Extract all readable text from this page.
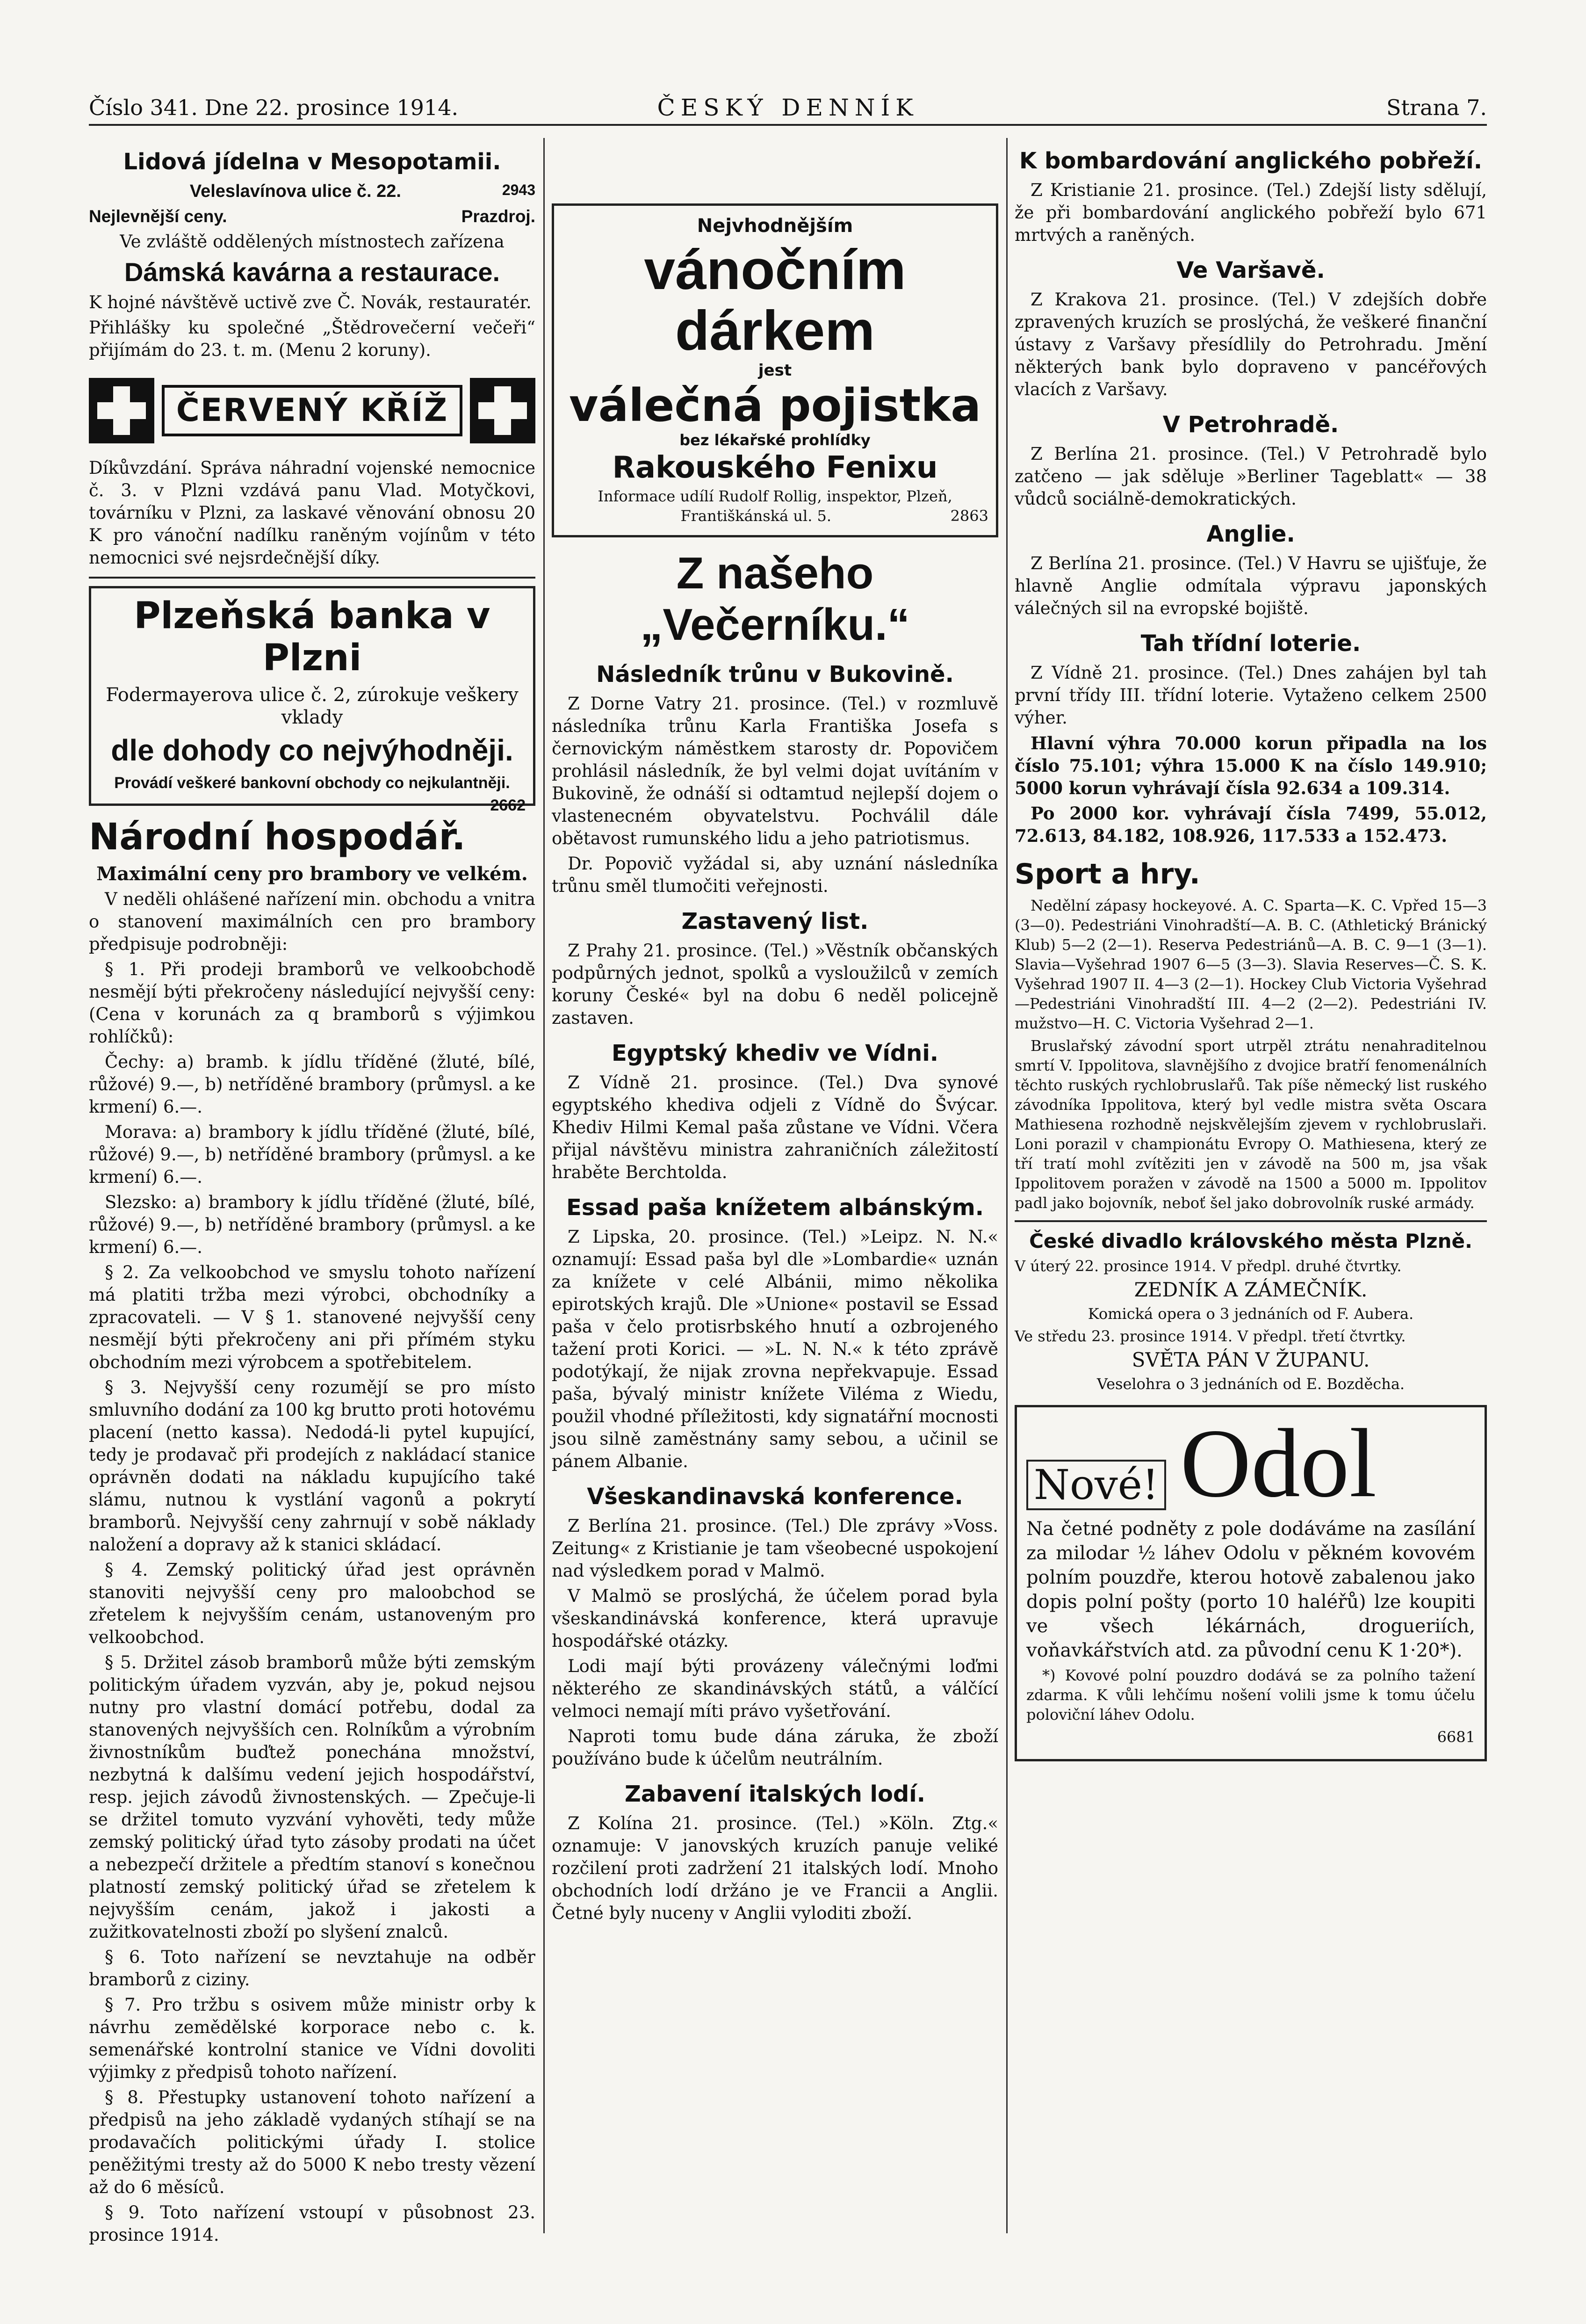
Číslo 341. Dne 22. prosince 1914.	ČESKÝ DENNÍK	Strana 7.
Lidová jídelna v Mesopotamii.
Veleslavínova ulice č. 22.	2943
Nejlevnější ceny.	Prazdroj.
Ve zvláště oddělených místnostech zařízena
Dámská kavárna a restaurace.
K hojné návštěvě uctivě zve Č. Novák, restauratér.
Přihlášky ku společné „Štědrovečerní večeři“ přijímám do 23. t. m. (Menu 2 koruny).
ČERVENÝ KŘÍŽ
Díkůvzdání. Správa náhradní vojenské nemocnice č. 3. v Plzni vzdává panu Vlad. Motyčkovi, továrníku v Plzni, za laskavé věnování obnosu 20 K pro vánoční nadílku raněným vojínům v této nemocnici své nejsrdečnější díky.
Plzeňská banka v Plzni
Fodermayerova ulice č. 2, zúrokuje veškery vklady
dle dohody co nejvýhodněji.
Provádí veškeré bankovní obchody co nejkulantněji.
2662
Národní hospodář.
Maximální ceny pro brambory ve velkém.
V neděli ohlášené nařízení min. obchodu a vnitra o stanovení maximálních cen pro brambory předpisuje podrobněji:
§ 1. Při prodeji bramborů ve velkoobchodě nesmějí býti překročeny následující nejvyšší ceny: (Cena v korunách za q bramborů s výjimkou rohlíčků):
Čechy: a) bramb. k jídlu tříděné (žluté, bílé, růžové) 9.—, b) netříděné brambory (průmysl. a ke krmení) 6.—.
Morava: a) brambory k jídlu tříděné (žluté, bílé, růžové) 9.—, b) netříděné brambory (průmysl. a ke krmení) 6.—.
Slezsko: a) brambory k jídlu tříděné (žluté, bílé, růžové) 9.—, b) netříděné brambory (průmysl. a ke krmení) 6.—.
§ 2. Za velkoobchod ve smyslu tohoto nařízení má platiti tržba mezi výrobci, obchodníky a zpracovateli. — V § 1. stanovené nejvyšší ceny nesmějí býti překročeny ani při přímém styku obchodním mezi výrobcem a spotřebitelem.
§ 3. Nejvyšší ceny rozumějí se pro místo smluvního dodání za 100 kg brutto proti hotovému placení (netto kassa). Nedodá-li pytel kupující, tedy je prodavač při prodejích z nakládací stanice oprávněn dodati na nákladu kupujícího také slámu, nutnou k vystlání vagonů a pokrytí bramborů. Nejvyšší ceny zahrnují v sobě náklady naložení a dopravy až k stanici skládací.
§ 4. Zemský politický úřad jest oprávněn stanoviti nejvyšší ceny pro maloobchod se zřetelem k nejvyšším cenám, ustanoveným pro velkoobchod.
§ 5. Držitel zásob bramborů může býti zemským politickým úřadem vyzván, aby je, pokud nejsou nutny pro vlastní domácí potřebu, dodal za stanovených nejvyšších cen. Rolníkům a výrobním živnostníkům buďtež ponechána množství, nezbytná k dalšímu vedení jejich hospodářství, resp. jejich závodů živnostenských. — Zpečuje-li se držitel tomuto vyzvání vyhověti, tedy může zemský politický úřad tyto zásoby prodati na účet a nebezpečí držitele a předtím stanoví s konečnou platností zemský politický úřad se zřetelem k nejvyšším cenám, jakož i jakosti a zužitkovatelnosti zboží po slyšení znalců.
§ 6. Toto nařízení se nevztahuje na odběr bramborů z ciziny.
§ 7. Pro tržbu s osivem může ministr orby k návrhu zemědělské korporace nebo c. k. semenářské kontrolní stanice ve Vídni dovoliti výjimky z předpisů tohoto nařízení.
§ 8. Přestupky ustanovení tohoto nařízení a předpisů na jeho základě vydaných stíhají se na prodavačích politickými úřady I. stolice peněžitými tresty až do 5000 K nebo tresty vězení až do 6 měsíců.
§ 9. Toto nařízení vstoupí v působnost 23. prosince 1914.
Nejvhodnějším
vánočním dárkem
jest
válečná pojistka
bez lékařské prohlídky
Rakouského Fenixu
Informace udílí Rudolf Rollig, inspektor, Plzeň, Františkánská ul. 5.	2863
Z našeho „Večerníku.“
Následník trůnu v Bukovině.
Z Dorne Vatry 21. prosince. (Tel.) v rozmluvě následníka trůnu Karla Františka Josefa s černovickým náměstkem starosty dr. Popovičem prohlásil následník, že byl velmi dojat uvítáním v Bukovině, že odnáší si odtamtud nejlepší dojem o vlastenecném obyvatelstvu. Pochválil dále obětavost rumunského lidu a jeho patriotismus.
Dr. Popovič vyžádal si, aby uznání následníka trůnu směl tlumočiti veřejnosti.
Zastavený list.
Z Prahy 21. prosince. (Tel.) »Věstník občanských podpůrných jednot, spolků a vysloužilců v zemích koruny České« byl na dobu 6 neděl policejně zastaven.
Egyptský khediv ve Vídni.
Z Vídně 21. prosince. (Tel.) Dva synové egyptského khediva odjeli z Vídně do Švýcar. Khediv Hilmi Kemal paša zůstane ve Vídni. Včera přijal návštěvu ministra zahraničních záležitostí hraběte Berchtolda.
Essad paša knížetem albánským.
Z Lipska, 20. prosince. (Tel.) »Leipz. N. N.« oznamují: Essad paša byl dle »Lombardie« uznán za knížete v celé Albánii, mimo několika epirotských krajů. Dle »Unione« postavil se Essad paša v čelo protisrbského hnutí a ozbrojeného tažení proti Korici. — »L. N. N.« k této zprávě podotýkají, že nijak zrovna nepřekvapuje. Essad paša, bývalý ministr knížete Viléma z Wiedu, použil vhodné příležitosti, kdy signatářní mocnosti jsou silně zaměstnány samy sebou, a učinil se pánem Albanie.
Všeskandinavská konference.
Z Berlína 21. prosince. (Tel.) Dle zprávy »Voss. Zeitung« z Kristianie je tam všeobecné uspokojení nad výsledkem porad v Malmö.
V Malmö se proslýchá, že účelem porad byla všeskandinávská konference, která upravuje hospodářské otázky.
Lodi mají býti provázeny válečnými loďmi některého ze skandinávských států, a válčící velmoci nemají míti právo vyšetřování.
Naproti tomu bude dána záruka, že zboží používáno bude k účelům neutrálním.
Zabavení italských lodí.
Z Kolína 21. prosince. (Tel.) »Köln. Ztg.« oznamuje: V janovských kruzích panuje veliké rozčilení proti zadržení 21 italských lodí. Mnoho obchodních lodí držáno je ve Francii a Anglii. Četné byly nuceny v Anglii vyloditi zboží.
K bombardování anglického pobřeží.
Z Kristianie 21. prosince. (Tel.) Zdejší listy sdělují, že při bombardování anglického pobřeží bylo 671 mrtvých a raněných.
Ve Varšavě.
Z Krakova 21. prosince. (Tel.) V zdejších dobře zpravených kruzích se proslýchá, že veškeré finanční ústavy z Varšavy přesídlily do Petrohradu. Jmění některých bank bylo dopraveno v pancéřových vlacích z Varšavy.
V Petrohradě.
Z Berlína 21. prosince. (Tel.) V Petrohradě bylo zatčeno — jak sděluje »Berliner Tageblatt« — 38 vůdců sociálně-demokratických.
Anglie.
Z Berlína 21. prosince. (Tel.) V Havru se ujišťuje, že hlavně Anglie odmítala výpravu japonských válečných sil na evropské bojiště.
Tah třídní loterie.
Z Vídně 21. prosince. (Tel.) Dnes zahájen byl tah první třídy III. třídní loterie. Vytaženo celkem 2500 výher.
Hlavní výhra 70.000 korun připadla na los číslo 75.101; výhra 15.000 K na číslo 149.910; 5000 korun vyhrávají čísla 92.634 a 109.314.
Po 2000 kor. vyhrávají čísla 7499, 55.012, 72.613, 84.182, 108.926, 117.533 a 152.473.
Sport a hry.
Nedělní zápasy hockeyové. A. C. Sparta—K. C. Vpřed 15—3 (3—0). Pedestriáni Vinohradští—A. B. C. (Athletický Bránický Klub) 5—2 (2—1). Reserva Pedestriánů—A. B. C. 9—1 (3—1). Slavia—Vyšehrad 1907 6—5 (3—3). Slavia Reserves—Č. S. K. Vyšehrad 1907 II. 4—3 (2—1). Hockey Club Victoria Vyšehrad —Pedestriáni Vinohradští III. 4—2 (2—2). Pedestriáni IV. mužstvo—H. C. Victoria Vyšehrad 2—1.
Bruslařský závodní sport utrpěl ztrátu nenahraditelnou smrtí V. Ippolitova, slavnějšího z dvojice bratří fenomenálních těchto ruských rychlobruslařů. Tak píše německý list ruského závodníka Ippolitova, který byl vedle mistra světa Oscara Mathiesena rozhodně nejskvělejším zjevem v rychlobruslaři. Loni porazil v championátu Evropy O. Mathiesena, který ze tří tratí mohl zvítěziti jen v závodě na 500 m, jsa však Ippolitovem poražen v závodě na 1500 a 5000 m. Ippolitov padl jako bojovník, neboť šel jako dobrovolník ruské armády.
České divadlo královského města Plzně.
V úterý 22. prosince 1914. V předpl. druhé čtvrtky.
ZEDNÍK A ZÁMEČNÍK.
Komická opera o 3 jednáních od F. Aubera.
Ve středu 23. prosince 1914. V předpl. třetí čtvrtky.
SVĚTA PÁN V ŽUPANU.
Veselohra o 3 jednáních od E. Bozděcha.
Nové! Odol
Na četné podněty z pole dodáváme na zasílání za milodar ½ láhev Odolu v pěkném kovovém polním pouzdře, kterou hotově zabalenou jako dopis polní pošty (porto 10 haléřů) lze koupiti ve všech lékárnách, drogueriích, voňavkářstvích atd. za původní cenu K 1·20*).
*) Kovové polní pouzdro dodává se za polního tažení zdarma. K vůli lehčímu nošení volili jsme k tomu účelu poloviční láhev Odolu.
6681
